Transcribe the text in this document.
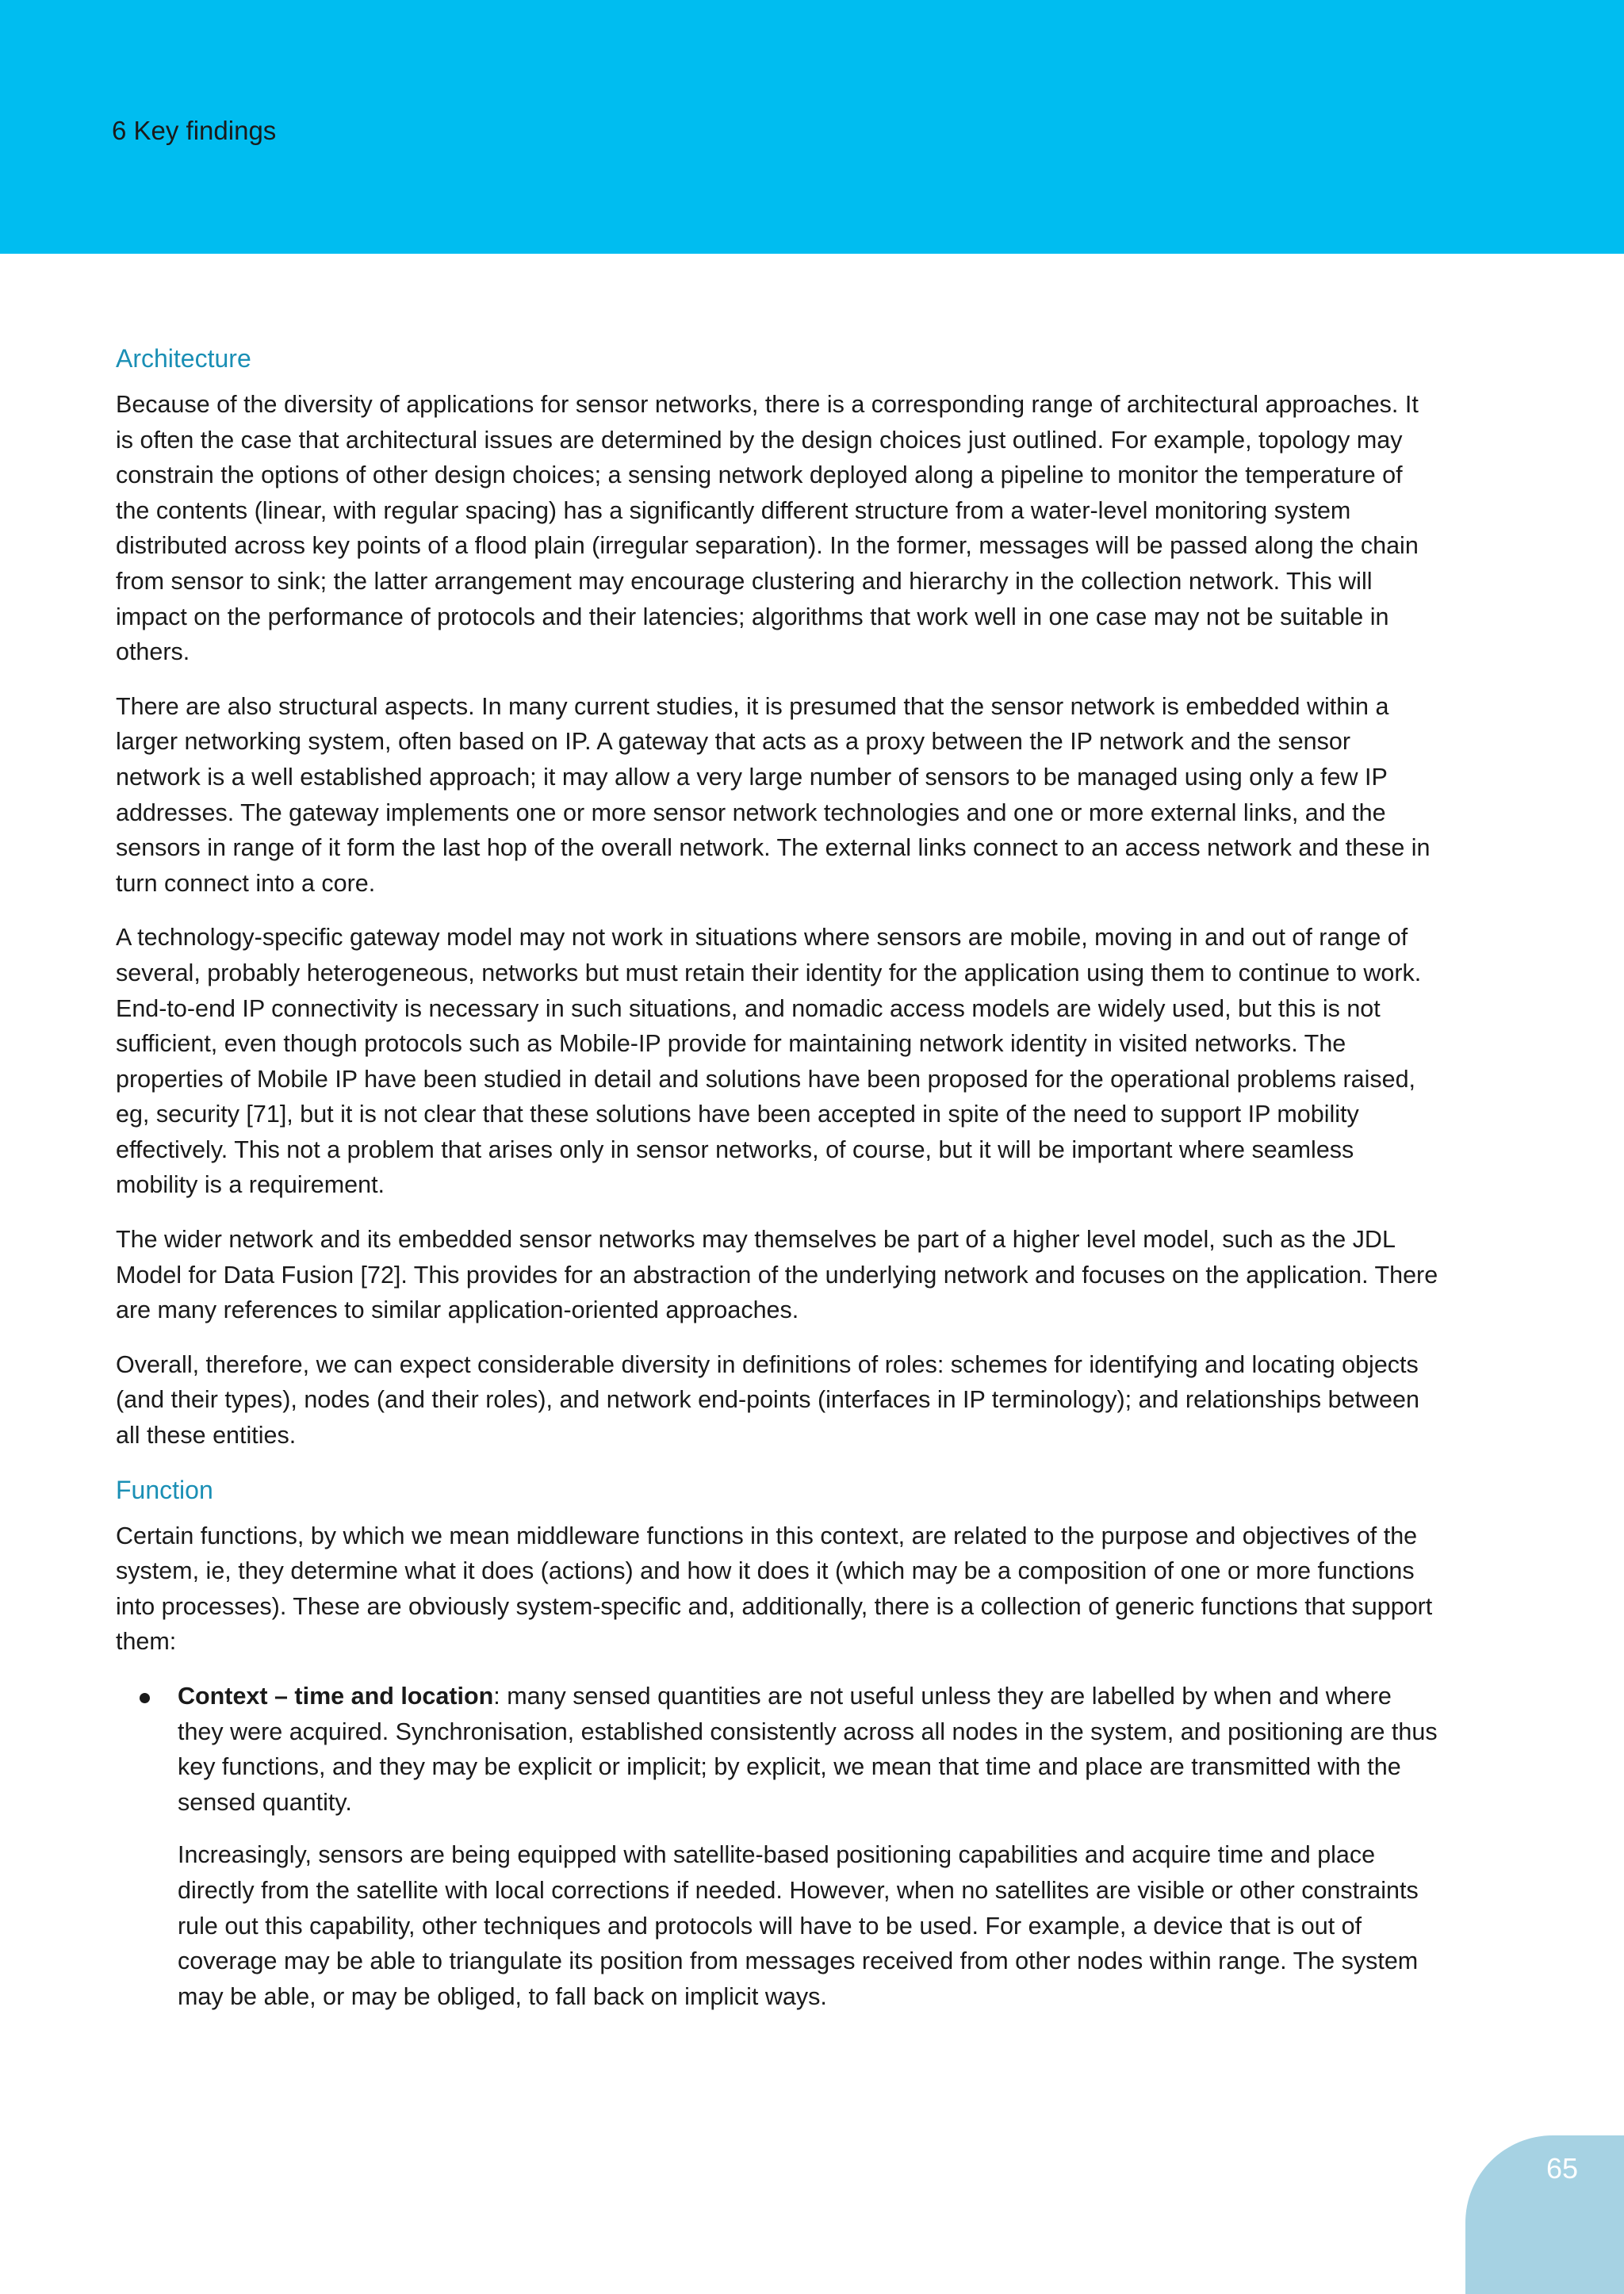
6 Key findings
Architecture

Because of the diversity of applications for sensor networks, there is a corresponding range of architectural approaches. It is often the case that architectural issues are determined by the design choices just outlined. For example, topology may constrain the options of other design choices; a sensing network deployed along a pipeline to monitor the temperature of the contents (linear, with regular spacing) has a significantly different structure from a water-level monitoring system distributed across key points of a flood plain (irregular separation). In the former, messages will be passed along the chain from sensor to sink; the latter arrangement may encourage clustering and hierarchy in the collection network. This will impact on the performance of protocols and their latencies; algorithms that work well in one case may not be suitable in others.

There are also structural aspects. In many current studies, it is presumed that the sensor network is embedded within a larger networking system, often based on IP. A gateway that acts as a proxy between the IP network and the sensor network is a well established approach; it may allow a very large number of sensors to be managed using only a few IP addresses. The gateway implements one or more sensor network technologies and one or more external links, and the sensors in range of it form the last hop of the overall network. The external links connect to an access network and these in turn connect into a core.

A technology-specific gateway model may not work in situations where sensors are mobile, moving in and out of range of several, probably heterogeneous, networks but must retain their identity for the application using them to continue to work. End-to-end IP connectivity is necessary in such situations, and nomadic access models are widely used, but this is not sufficient, even though protocols such as Mobile-IP provide for maintaining network identity in visited networks. The properties of Mobile IP have been studied in detail and solutions have been proposed for the operational problems raised, eg, security [71], but it is not clear that these solutions have been accepted in spite of the need to support IP mobility effectively. This not a problem that arises only in sensor networks, of course, but it will be important where seamless mobility is a requirement.

The wider network and its embedded sensor networks may themselves be part of a higher level model, such as the JDL Model for Data Fusion [72]. This provides for an abstraction of the underlying network and focuses on the application. There are many references to similar application-oriented approaches.

Overall, therefore, we can expect considerable diversity in definitions of roles: schemes for identifying and locating objects (and their types), nodes (and their roles), and network end-points (interfaces in IP terminology); and relationships between all these entities.

Function

Certain functions, by which we mean middleware functions in this context, are related to the purpose and objectives of the system, ie, they determine what it does (actions) and how it does it (which may be a composition of one or more functions into processes). These are obviously system-specific and, additionally, there is a collection of generic functions that support them:

Context – time and location: many sensed quantities are not useful unless they are labelled by when and where they were acquired. Synchronisation, established consistently across all nodes in the system, and positioning are thus key functions, and they may be explicit or implicit; by explicit, we mean that time and place are transmitted with the sensed quantity.

Increasingly, sensors are being equipped with satellite-based positioning capabilities and acquire time and place directly from the satellite with local corrections if needed. However, when no satellites are visible or other constraints rule out this capability, other techniques and protocols will have to be used. For example, a device that is out of coverage may be able to triangulate its position from messages received from other nodes within range. The system may be able, or may be obliged, to fall back on implicit ways.

65
